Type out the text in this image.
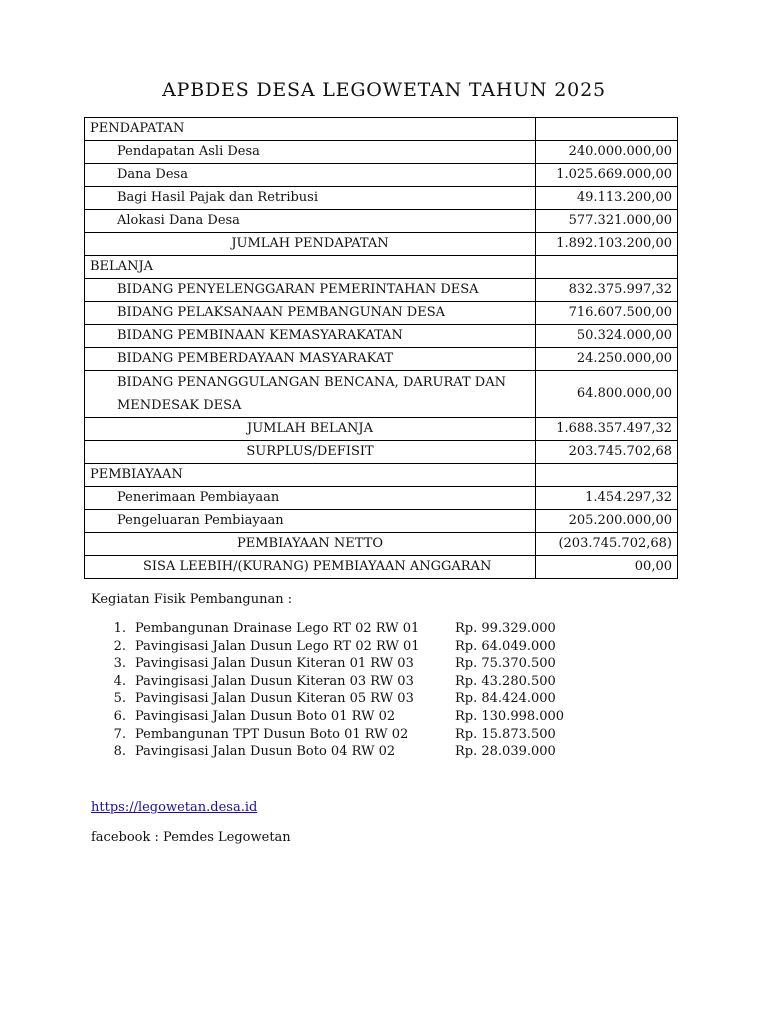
APBDES DESA LEGOWETAN TAHUN 2025
PENDAPATAN	
Pendapatan Asli Desa	240.000.000,00
Dana Desa	1.025.669.000,00
Bagi Hasil Pajak dan Retribusi	49.113.200,00
Alokasi Dana Desa	577.321.000,00
JUMLAH PENDAPATAN	1.892.103.200,00
BELANJA	
BIDANG PENYELENGGARAN PEMERINTAHAN DESA	832.375.997,32
BIDANG PELAKSANAAN PEMBANGUNAN DESA	716.607.500,00
BIDANG PEMBINAAN KEMASYARAKATAN	50.324.000,00
BIDANG PEMBERDAYAAN MASYARAKAT	24.250.000,00
BIDANG PENANGGULANGAN BENCANA, DARURAT DAN MENDESAK DESA	64.800.000,00
JUMLAH BELANJA	1.688.357.497,32
SURPLUS/DEFISIT	203.745.702,68
PEMBIAYAAN	
Penerimaan Pembiayaan	1.454.297,32
Pengeluaran Pembiayaan	205.200.000,00
PEMBIAYAAN NETTO	(203.745.702,68)
SISA LEEBIH/(KURANG) PEMBIAYAAN ANGGARAN	00,00
Kegiatan Fisik Pembangunan :
1. Pembangunan Drainase Lego RT 02 RW 01	Rp. 99.329.000
2. Pavingisasi Jalan Dusun Lego RT 02 RW 01	Rp. 64.049.000
3. Pavingisasi Jalan Dusun Kiteran 01 RW 03	Rp. 75.370.500
4. Pavingisasi Jalan Dusun Kiteran 03 RW 03	Rp. 43.280.500
5. Pavingisasi Jalan Dusun Kiteran 05 RW 03	Rp. 84.424.000
6. Pavingisasi Jalan Dusun Boto 01 RW 02	Rp. 130.998.000
7. Pembangunan TPT Dusun Boto 01 RW 02	Rp. 15.873.500
8. Pavingisasi Jalan Dusun Boto 04 RW 02	Rp. 28.039.000
https://legowetan.desa.id
facebook : Pemdes Legowetan
